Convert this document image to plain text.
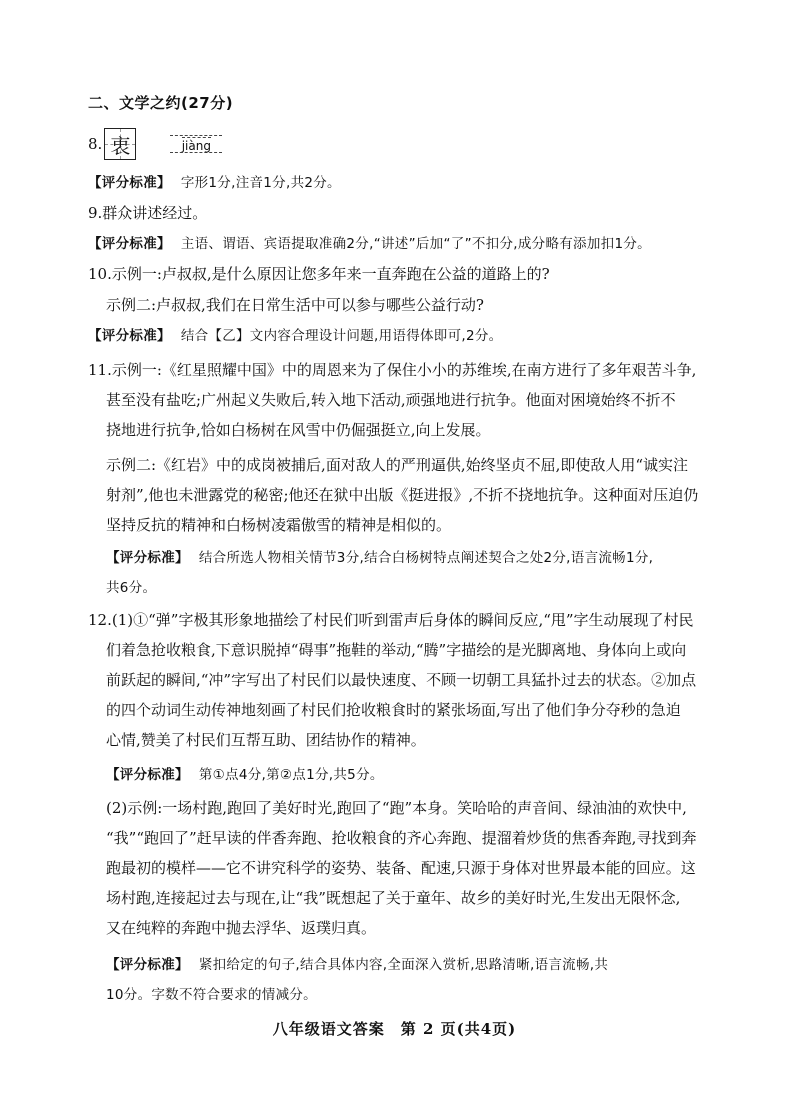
二、文学之约(27分)
8. 衷	jiàng
【评分标准】 字形1分,注音1分,共2分。
9.群众讲述经过。
【评分标准】 主语、谓语、宾语提取准确2分,“讲述”后加“了”不扣分,成分略有添加扣1分。
10.示例一:卢叔叔,是什么原因让您多年来一直奔跑在公益的道路上的?
示例二:卢叔叔,我们在日常生活中可以参与哪些公益行动?
【评分标准】 结合【乙】文内容合理设计问题,用语得体即可,2分。
11.示例一:《红星照耀中国》中的周恩来为了保住小小的苏维埃,在南方进行了多年艰苦斗争,
甚至没有盐吃;广州起义失败后,转入地下活动,顽强地进行抗争。他面对困境始终不折不
挠地进行抗争,恰如白杨树在风雪中仍倔强挺立,向上发展。
示例二:《红岩》中的成岗被捕后,面对敌人的严刑逼供,始终坚贞不屈,即使敌人用“诚实注
射剂”,他也未泄露党的秘密;他还在狱中出版《挺进报》,不折不挠地抗争。这种面对压迫仍
坚持反抗的精神和白杨树凌霜傲雪的精神是相似的。
【评分标准】 结合所选人物相关情节3分,结合白杨树特点阐述契合之处2分,语言流畅1分,
共6分。
12.(1)①“弹”字极其形象地描绘了村民们听到雷声后身体的瞬间反应,“甩”字生动展现了村民
们着急抢收粮食,下意识脱掉“碍事”拖鞋的举动,“腾”字描绘的是光脚离地、身体向上或向
前跃起的瞬间,“冲”字写出了村民们以最快速度、不顾一切朝工具猛扑过去的状态。②加点
的四个动词生动传神地刻画了村民们抢收粮食时的紧张场面,写出了他们争分夺秒的急迫
心情,赞美了村民们互帮互助、团结协作的精神。
【评分标准】 第①点4分,第②点1分,共5分。
(2)示例:一场村跑,跑回了美好时光,跑回了“跑”本身。笑哈哈的声音间、绿油油的欢快中,
“我”“跑回了”赶早读的伴香奔跑、抢收粮食的齐心奔跑、提溜着炒货的焦香奔跑,寻找到奔
跑最初的模样——它不讲究科学的姿势、装备、配速,只源于身体对世界最本能的回应。这
场村跑,连接起过去与现在,让“我”既想起了关于童年、故乡的美好时光,生发出无限怀念,
又在纯粹的奔跑中抛去浮华、返璞归真。
【评分标准】 紧扣给定的句子,结合具体内容,全面深入赏析,思路清晰,语言流畅,共
10分。字数不符合要求的情减分。
八年级语文答案　第 2 页(共4页)
